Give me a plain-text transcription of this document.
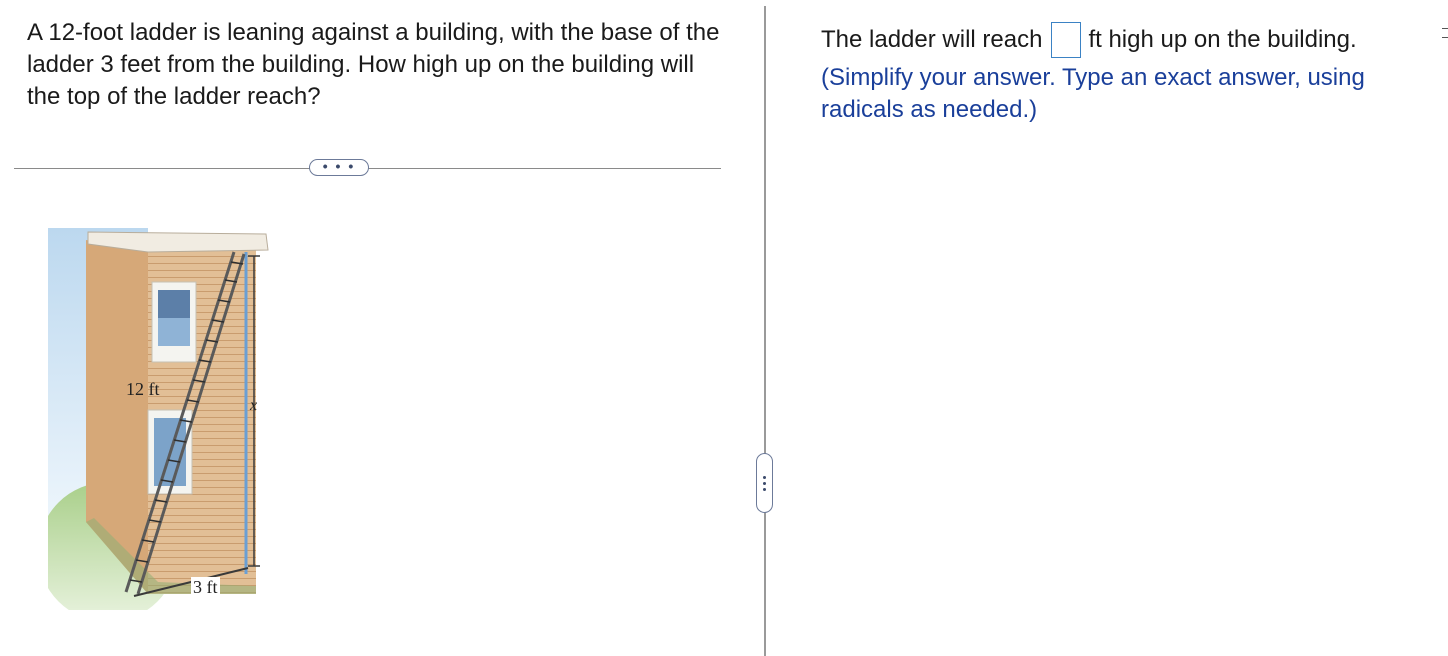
A 12-foot ladder is leaning against a building, with the base of the ladder 3 feet from the building. How high up on the building will the top of the ladder reach?
• • •
12 ft
3 ft
x
The ladder will reach ft high up on the building.
(Simplify your answer. Type an exact answer, using radicals as needed.)
